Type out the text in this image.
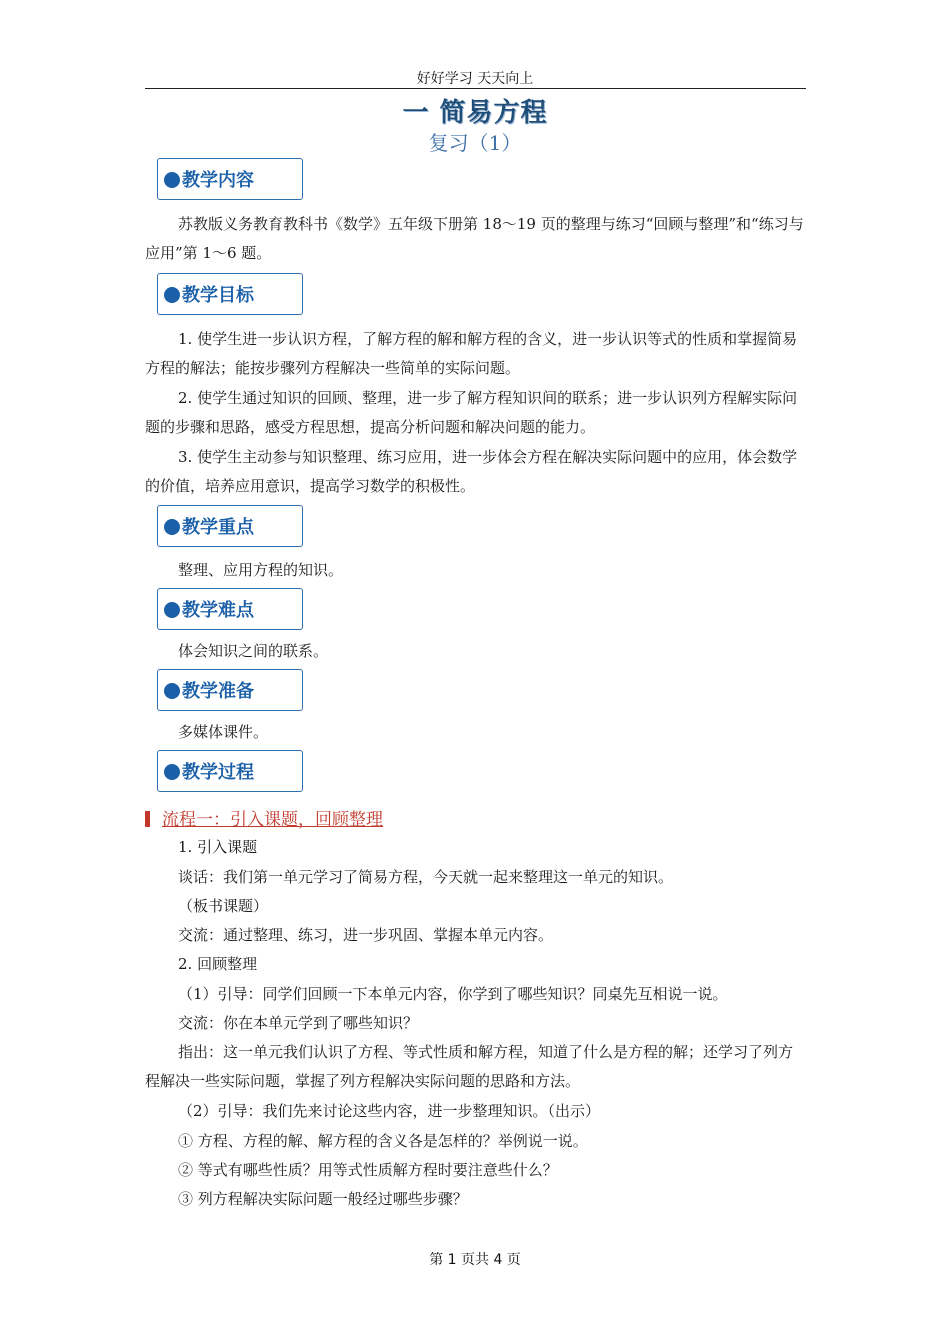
好好学习 天天向上
一 简易方程
复习（1）
教学内容
苏教版义务教育教科书《数学》五年级下册第 18～19 页的整理与练习“回顾与整理”和“练习与应用”第 1～6 题。
教学目标
1. 使学生进一步认识方程，了解方程的解和解方程的含义，进一步认识等式的性质和掌握简易方程的解法；能按步骤列方程解决一些简单的实际问题。
2. 使学生通过知识的回顾、整理，进一步了解方程知识间的联系；进一步认识列方程解实际问题的步骤和思路，感受方程思想，提高分析问题和解决问题的能力。
3. 使学生主动参与知识整理、练习应用，进一步体会方程在解决实际问题中的应用，体会数学的价值，培养应用意识，提高学习数学的积极性。
教学重点
整理、应用方程的知识。
教学难点
体会知识之间的联系。
教学准备
多媒体课件。
教学过程
流程一：引入课题，回顾整理
1. 引入课题
谈话：我们第一单元学习了简易方程，今天就一起来整理这一单元的知识。
（板书课题）
交流：通过整理、练习，进一步巩固、掌握本单元内容。
2. 回顾整理
（1）引导：同学们回顾一下本单元内容，你学到了哪些知识？同桌先互相说一说。
交流：你在本单元学到了哪些知识？
指出：这一单元我们认识了方程、等式性质和解方程，知道了什么是方程的解；还学习了列方程解决一些实际问题，掌握了列方程解决实际问题的思路和方法。
（2）引导：我们先来讨论这些内容，进一步整理知识。（出示）
① 方程、方程的解、解方程的含义各是怎样的？举例说一说。
② 等式有哪些性质？用等式性质解方程时要注意些什么？
③ 列方程解决实际问题一般经过哪些步骤？
第 1 页共 4 页
